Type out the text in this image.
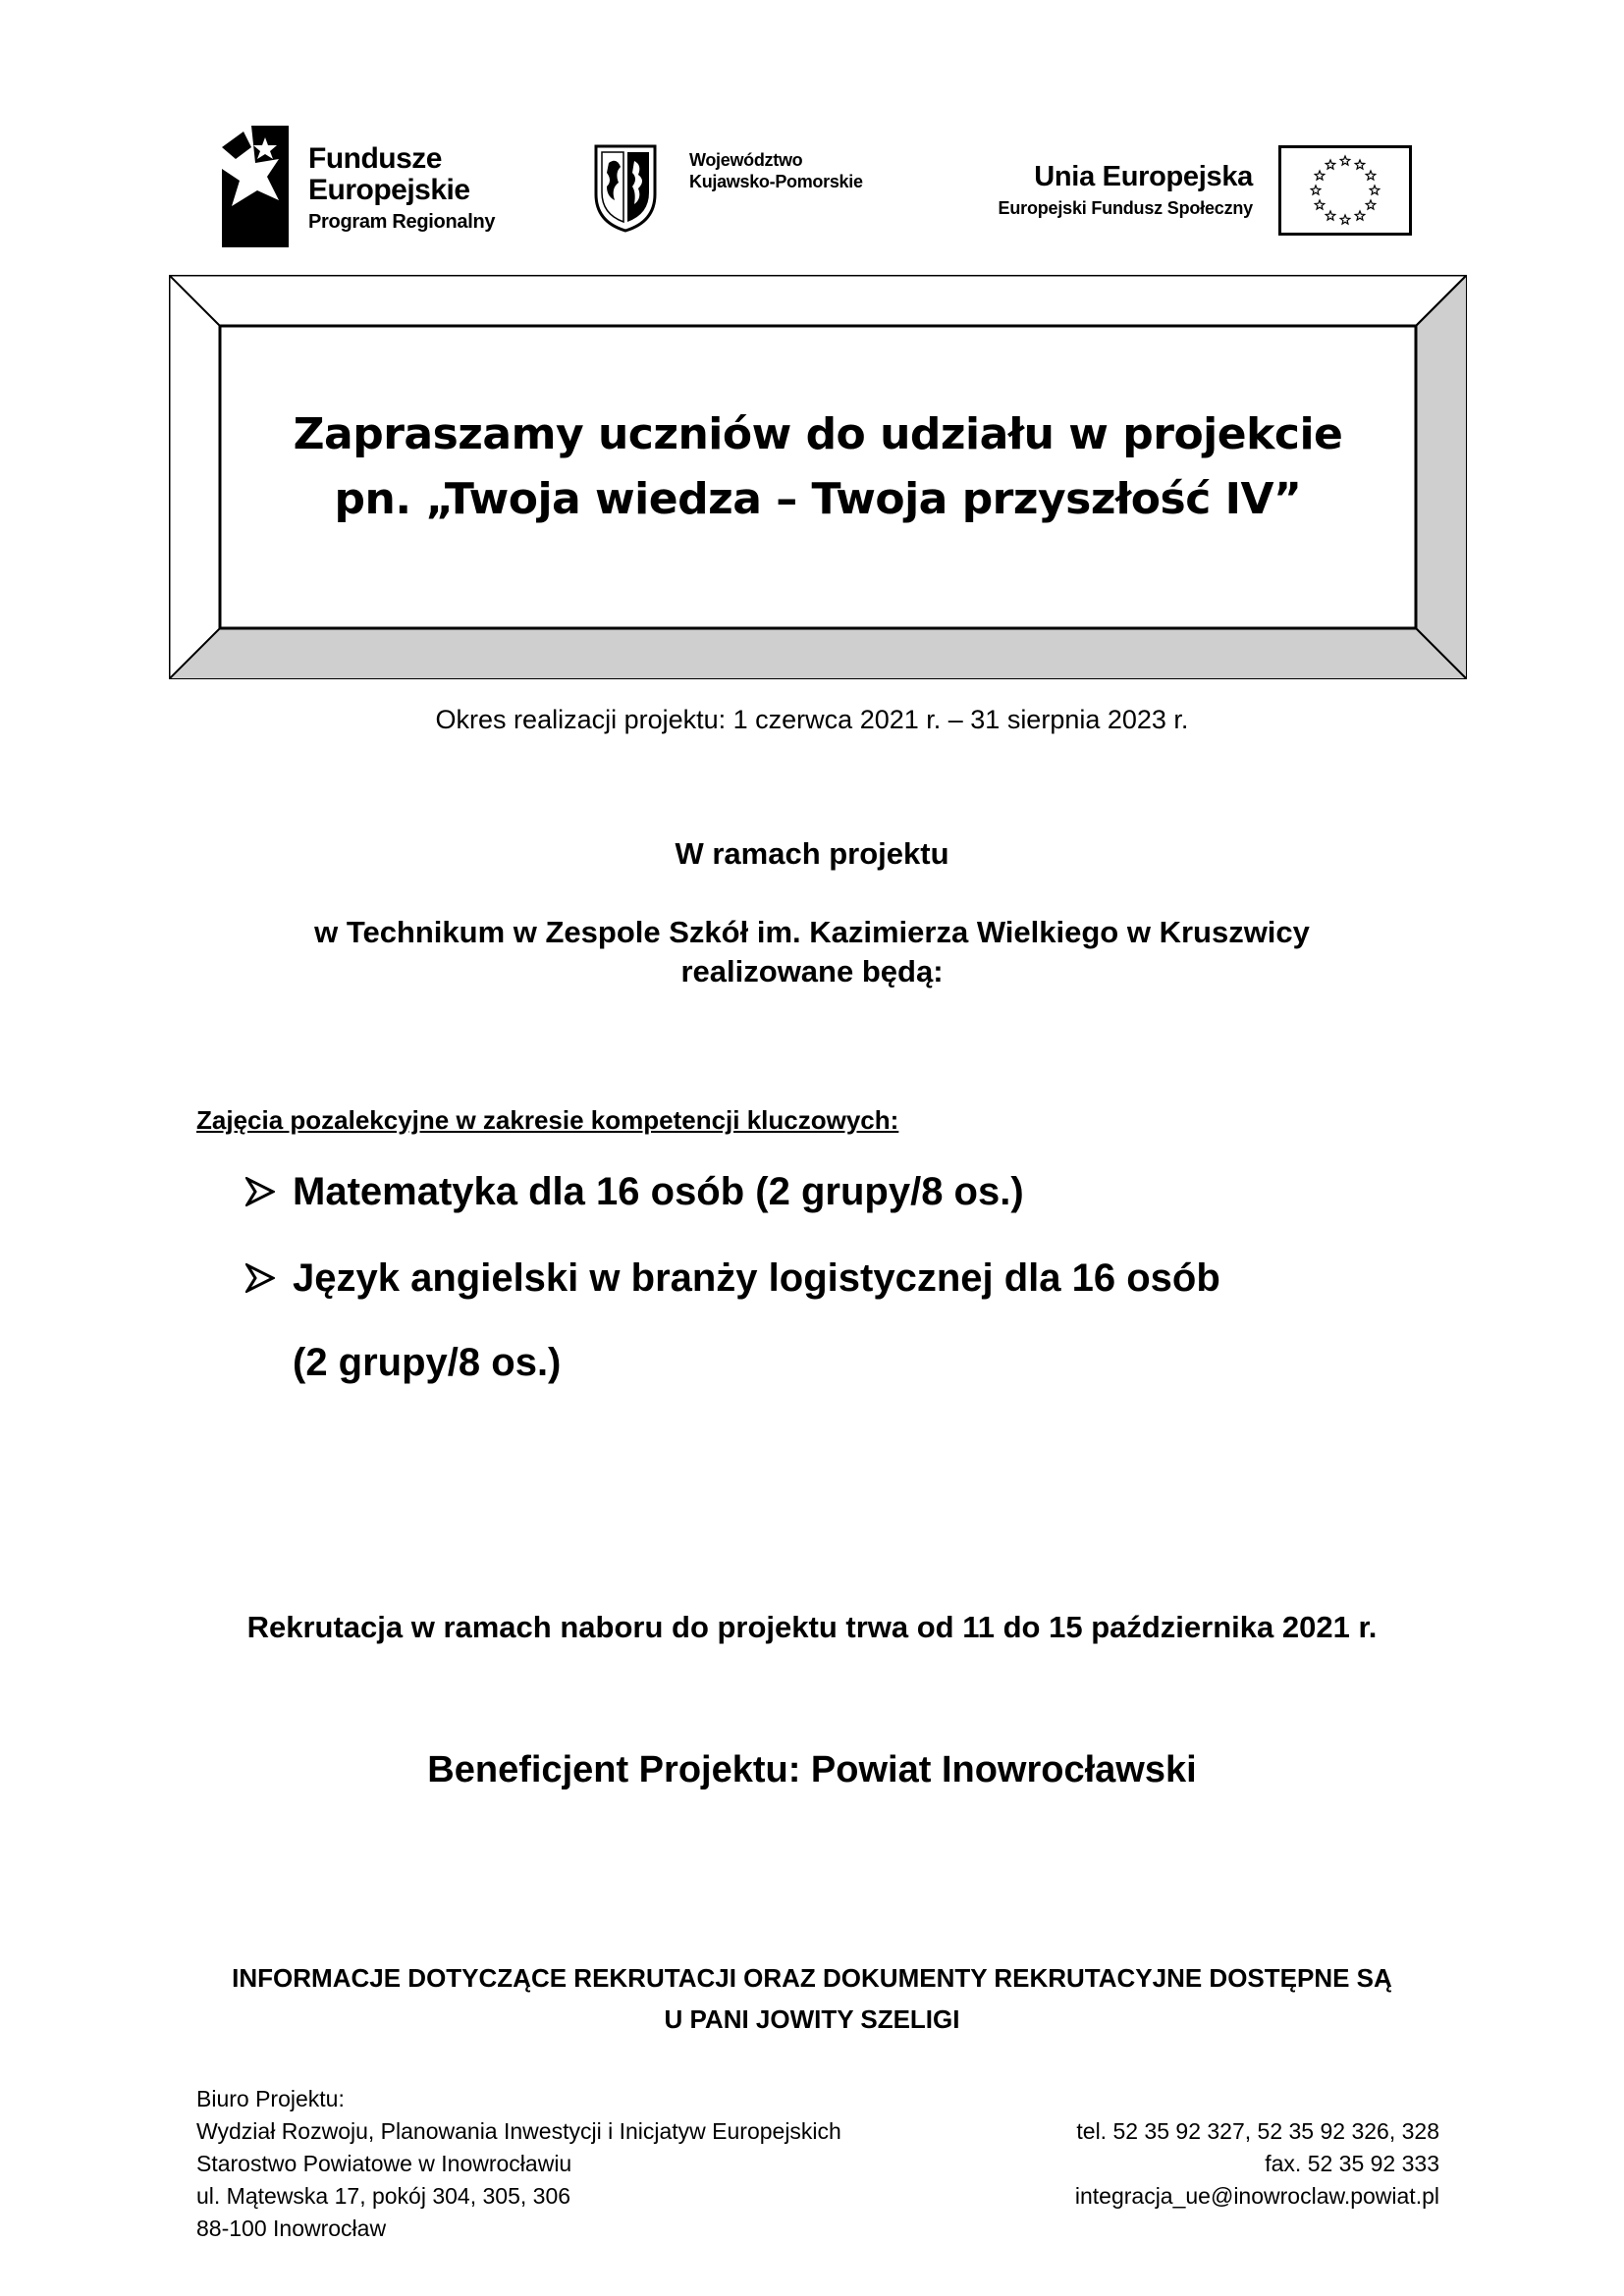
Fundusze
Europejskie
Program Regionalny
Województwo
Kujawsko-Pomorskie	Unia Europejska
Europejski Fundusz Społeczny
Zapraszamy uczniów do udziału w projekcie
pn. „Twoja wiedza – Twoja przyszłość IV”
Okres realizacji projektu: 1 czerwca 2021 r. – 31 sierpnia 2023 r.
W ramach projektu
w Technikum w Zespole Szkół im. Kazimierza Wielkiego w Kruszwicy
realizowane będą:
Zajęcia pozalekcyjne w zakresie kompetencji kluczowych:
Matematyka dla 16 osób (2 grupy/8 os.)
Język angielski w branży logistycznej dla 16 osób
(2 grupy/8 os.)
Rekrutacja w ramach naboru do projektu trwa od 11 do 15 października 2021 r.
Beneficjent Projektu: Powiat Inowrocławski
INFORMACJE DOTYCZĄCE REKRUTACJI ORAZ DOKUMENTY REKRUTACYJNE DOSTĘPNE SĄ
U PANI JOWITY SZELIGI
Biuro Projektu:
Wydział Rozwoju, Planowania Inwestycji i Inicjatyw Europejskich
Starostwo Powiatowe w Inowrocławiu
ul. Mątewska 17, pokój 304, 305, 306
88-100 Inowrocław
tel. 52 35 92 327, 52 35 92 326, 328
fax. 52 35 92 333
integracja_ue@inowroclaw.powiat.pl
